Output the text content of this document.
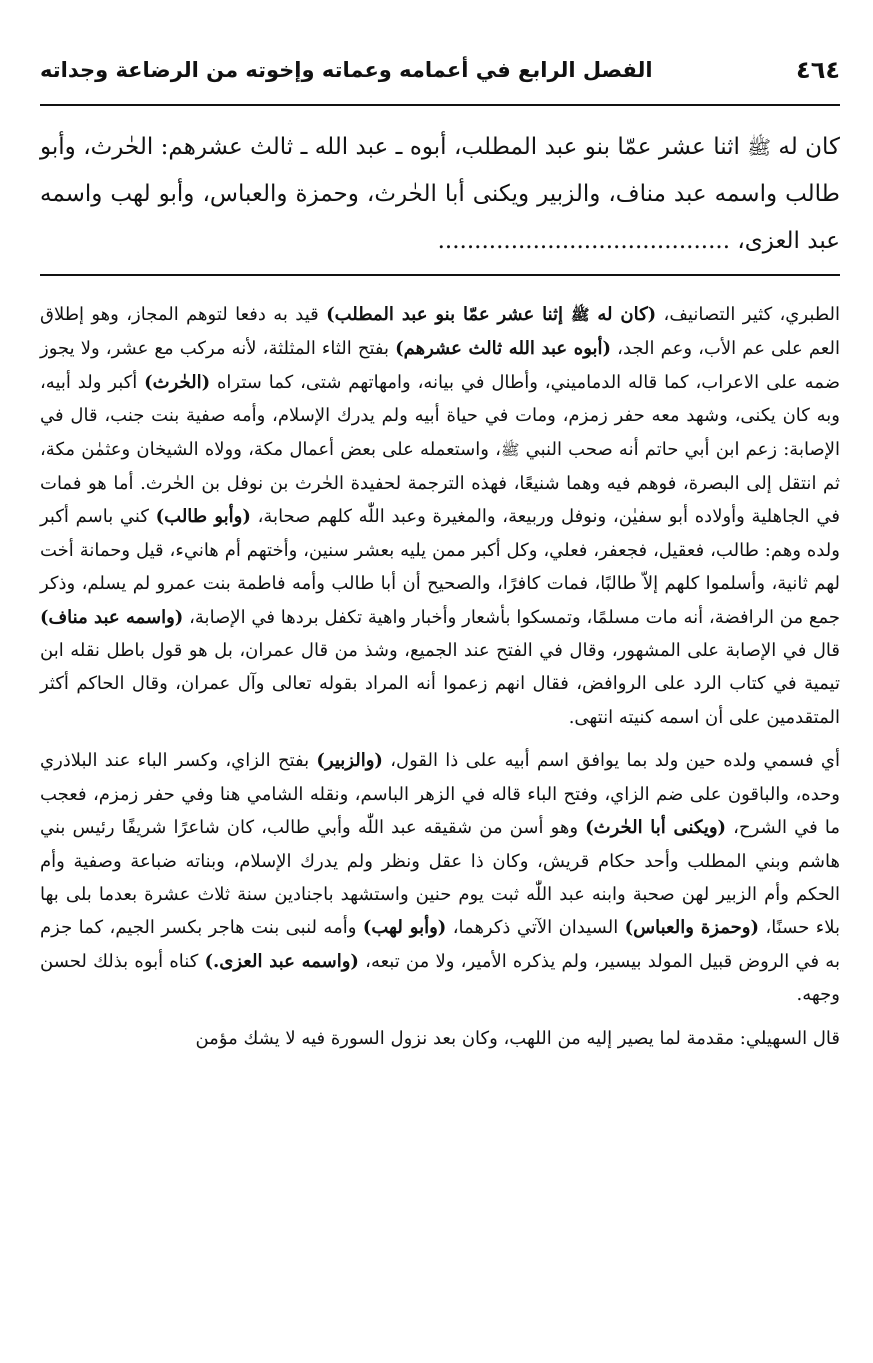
٤٦٤
الفصل الرابع في أعمامه وعماته وإخوته من الرضاعة وجداته
كان له ﷺ اثنا عشر عمّا بنو عبد المطلب، أبوه ـ عبد الله ـ ثالث عشرهم: الحٰرث، وأبو طالب واسمه عبد مناف، والزبير ويكنى أبا الحٰرث، وحمزة والعباس، وأبو لهب واسمه عبد العزى، ........................................

الطبري، كثير التصانيف، (كان له ﷺ إثنا عشر عمّا بنو عبد المطلب) قيد به دفعا لتوهم المجاز، وهو إطلاق العم على عم الأب، وعم الجد، (أبوه عبد الله ثالث عشرهم) بفتح الثاء المثلثة، لأنه مركب مع عشر، ولا يجوز ضمه على الاعراب، كما قاله الدماميني، وأطال في بيانه، وامهاتهم شتى، كما ستراه (الحٰرث) أكبر ولد أبيه، وبه كان يكنى، وشهد معه حفر زمزم، ومات في حياة أبيه ولم يدرك الإسلام، وأمه صفية بنت جنب، قال في الإصابة: زعم ابن أبي حاتم أنه صحب النبي ﷺ، واستعمله على بعض أعمال مكة، وولاه الشيخان وعثمٰن مكة، ثم انتقل إلى البصرة، فوهم فيه وهما شنيعًا، فهذه الترجمة لحفيدة الحٰرث بن نوفل بن الحٰرث. أما هو فمات في الجاهلية وأولاده أبو سفيٰن، ونوفل وربيعة، والمغيرة وعبد اللّٰه كلهم صحابة، (وأبو طالب) كني باسم أكبر ولده وهم: طالب، فعقيل، فجعفر، فعلي، وكل أكبر ممن يليه بعشر سنين، وأختهم أم هانيء، قيل وحمانة أخت لهم ثانية، وأسلموا كلهم إلاّ طالبًا، فمات كافرًا، والصحيح أن أبا طالب وأمه فاطمة بنت عمرو لم يسلم، وذكر جمع من الرافضة، أنه مات مسلمًا، وتمسكوا بأشعار وأخبار واهية تكفل بردها في الإصابة، (واسمه عبد مناف) قال في الإصابة على المشهور، وقال في الفتح عند الجميع، وشذ من قال عمران، بل هو قول باطل نقله ابن تيمية في كتاب الرد على الروافض، فقال انهم زعموا أنه المراد بقوله تعالى وآل عمران، وقال الحاكم أكثر المتقدمين على أن اسمه كنيته انتهى.

أي فسمي ولده حين ولد بما يوافق اسم أبيه على ذا القول، (والزبير) بفتح الزاي، وكسر الباء عند البلاذري وحده، والباقون على ضم الزاي، وفتح الباء قاله في الزهر الباسم، ونقله الشامي هنا وفي حفر زمزم، فعجب ما في الشرح، (ويكنى أبا الحٰرث) وهو أسن من شقيقه عبد اللّٰه وأبي طالب، كان شاعرًا شريفًا رئيس بني هاشم وبني المطلب وأحد حكام قريش، وكان ذا عقل ونظر ولم يدرك الإسلام، وبناته ضباعة وصفية وأم الحكم وأم الزبير لهن صحبة وابنه عبد اللّٰه ثبت يوم حنين واستشهد باجنادين سنة ثلاث عشرة بعدما بلى بها بلاء حسنًا، (وحمزة والعباس) السيدان الآتي ذكرهما، (وأبو لهب) وأمه لنبى بنت هاجر بكسر الجيم، كما جزم به في الروض قبيل المولد بيسير، ولم يذكره الأمير، ولا من تبعه، (واسمه عبد العزى.) كناه أبوه بذلك لحسن وجهه.

قال السهيلي: مقدمة لما يصير إليه من اللهب، وكان بعد نزول السورة فيه لا يشك مؤمن
